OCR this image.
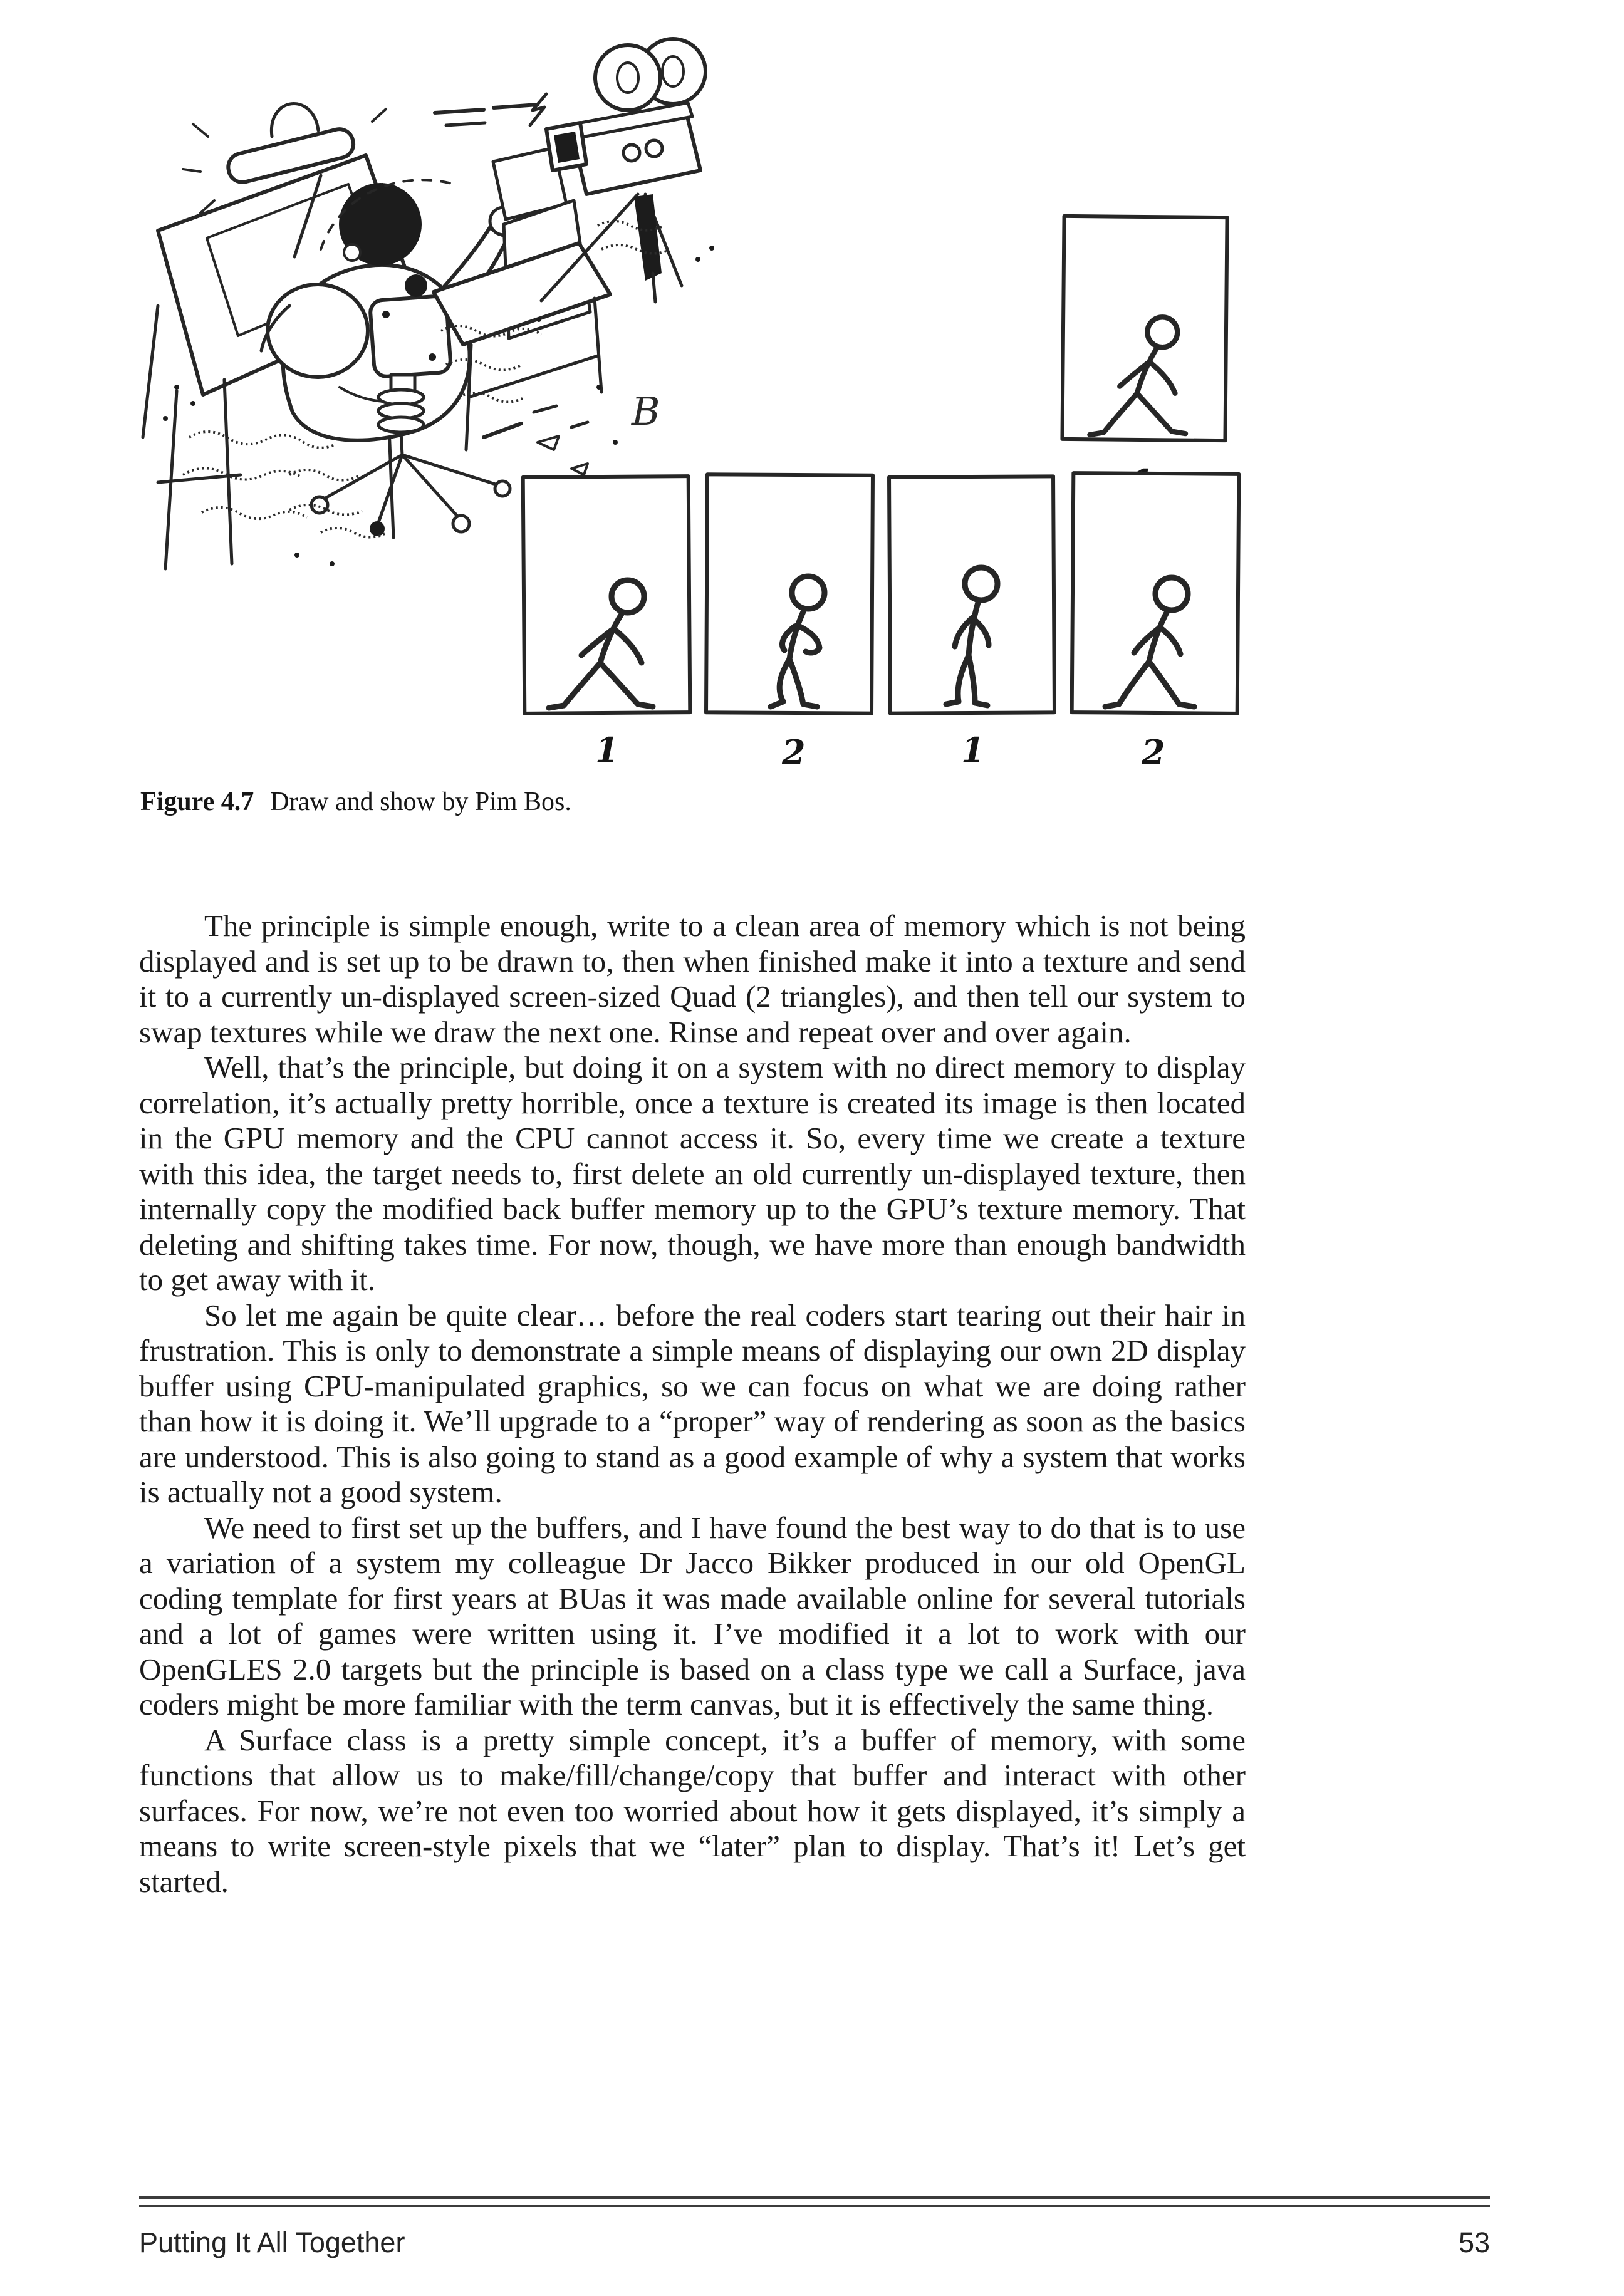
B
1	2	1	2
Figure 4.7 Draw and show by Pim Bos.

The principle is simple enough, write to a clean area of memory which is not being displayed and is set up to be drawn to, then when finished make it into a texture and send it to a currently un-displayed screen-sized Quad (2 triangles), and then tell our system to swap textures while we draw the next one. Rinse and repeat over and over again.

Well, that’s the principle, but doing it on a system with no direct memory to display correlation, it’s actually pretty horrible, once a texture is created its image is then located in the GPU memory and the CPU cannot access it. So, every time we create a texture with this idea, the target needs to, first delete an old currently un-displayed texture, then internally copy the modified back buffer memory up to the GPU’s texture memory. That deleting and shifting takes time. For now, though, we have more than enough bandwidth to get away with it.

So let me again be quite clear… before the real coders start tearing out their hair in frustration. This is only to demonstrate a simple means of displaying our own 2D display buffer using CPU-manipulated graphics, so we can focus on what we are doing rather than how it is doing it. We’ll upgrade to a “proper” way of rendering as soon as the basics are understood. This is also going to stand as a good example of why a system that works is actually not a good system.

We need to first set up the buffers, and I have found the best way to do that is to use a variation of a system my colleague Dr Jacco Bikker produced in our old OpenGL coding template for first years at BUas it was made available online for several tutorials and a lot of games were written using it. I’ve modified it a lot to work with our OpenGLES 2.0 targets but the principle is based on a class type we call a Surface, java coders might be more familiar with the term canvas, but it is effectively the same thing.

A Surface class is a pretty simple concept, it’s a buffer of memory, with some functions that allow us to make/fill/change/copy that buffer and interact with other surfaces. For now, we’re not even too worried about how it gets displayed, it’s simply a means to write screen-style pixels that we “later” plan to display. That’s it! Let’s get started.

Putting It All Together	53
